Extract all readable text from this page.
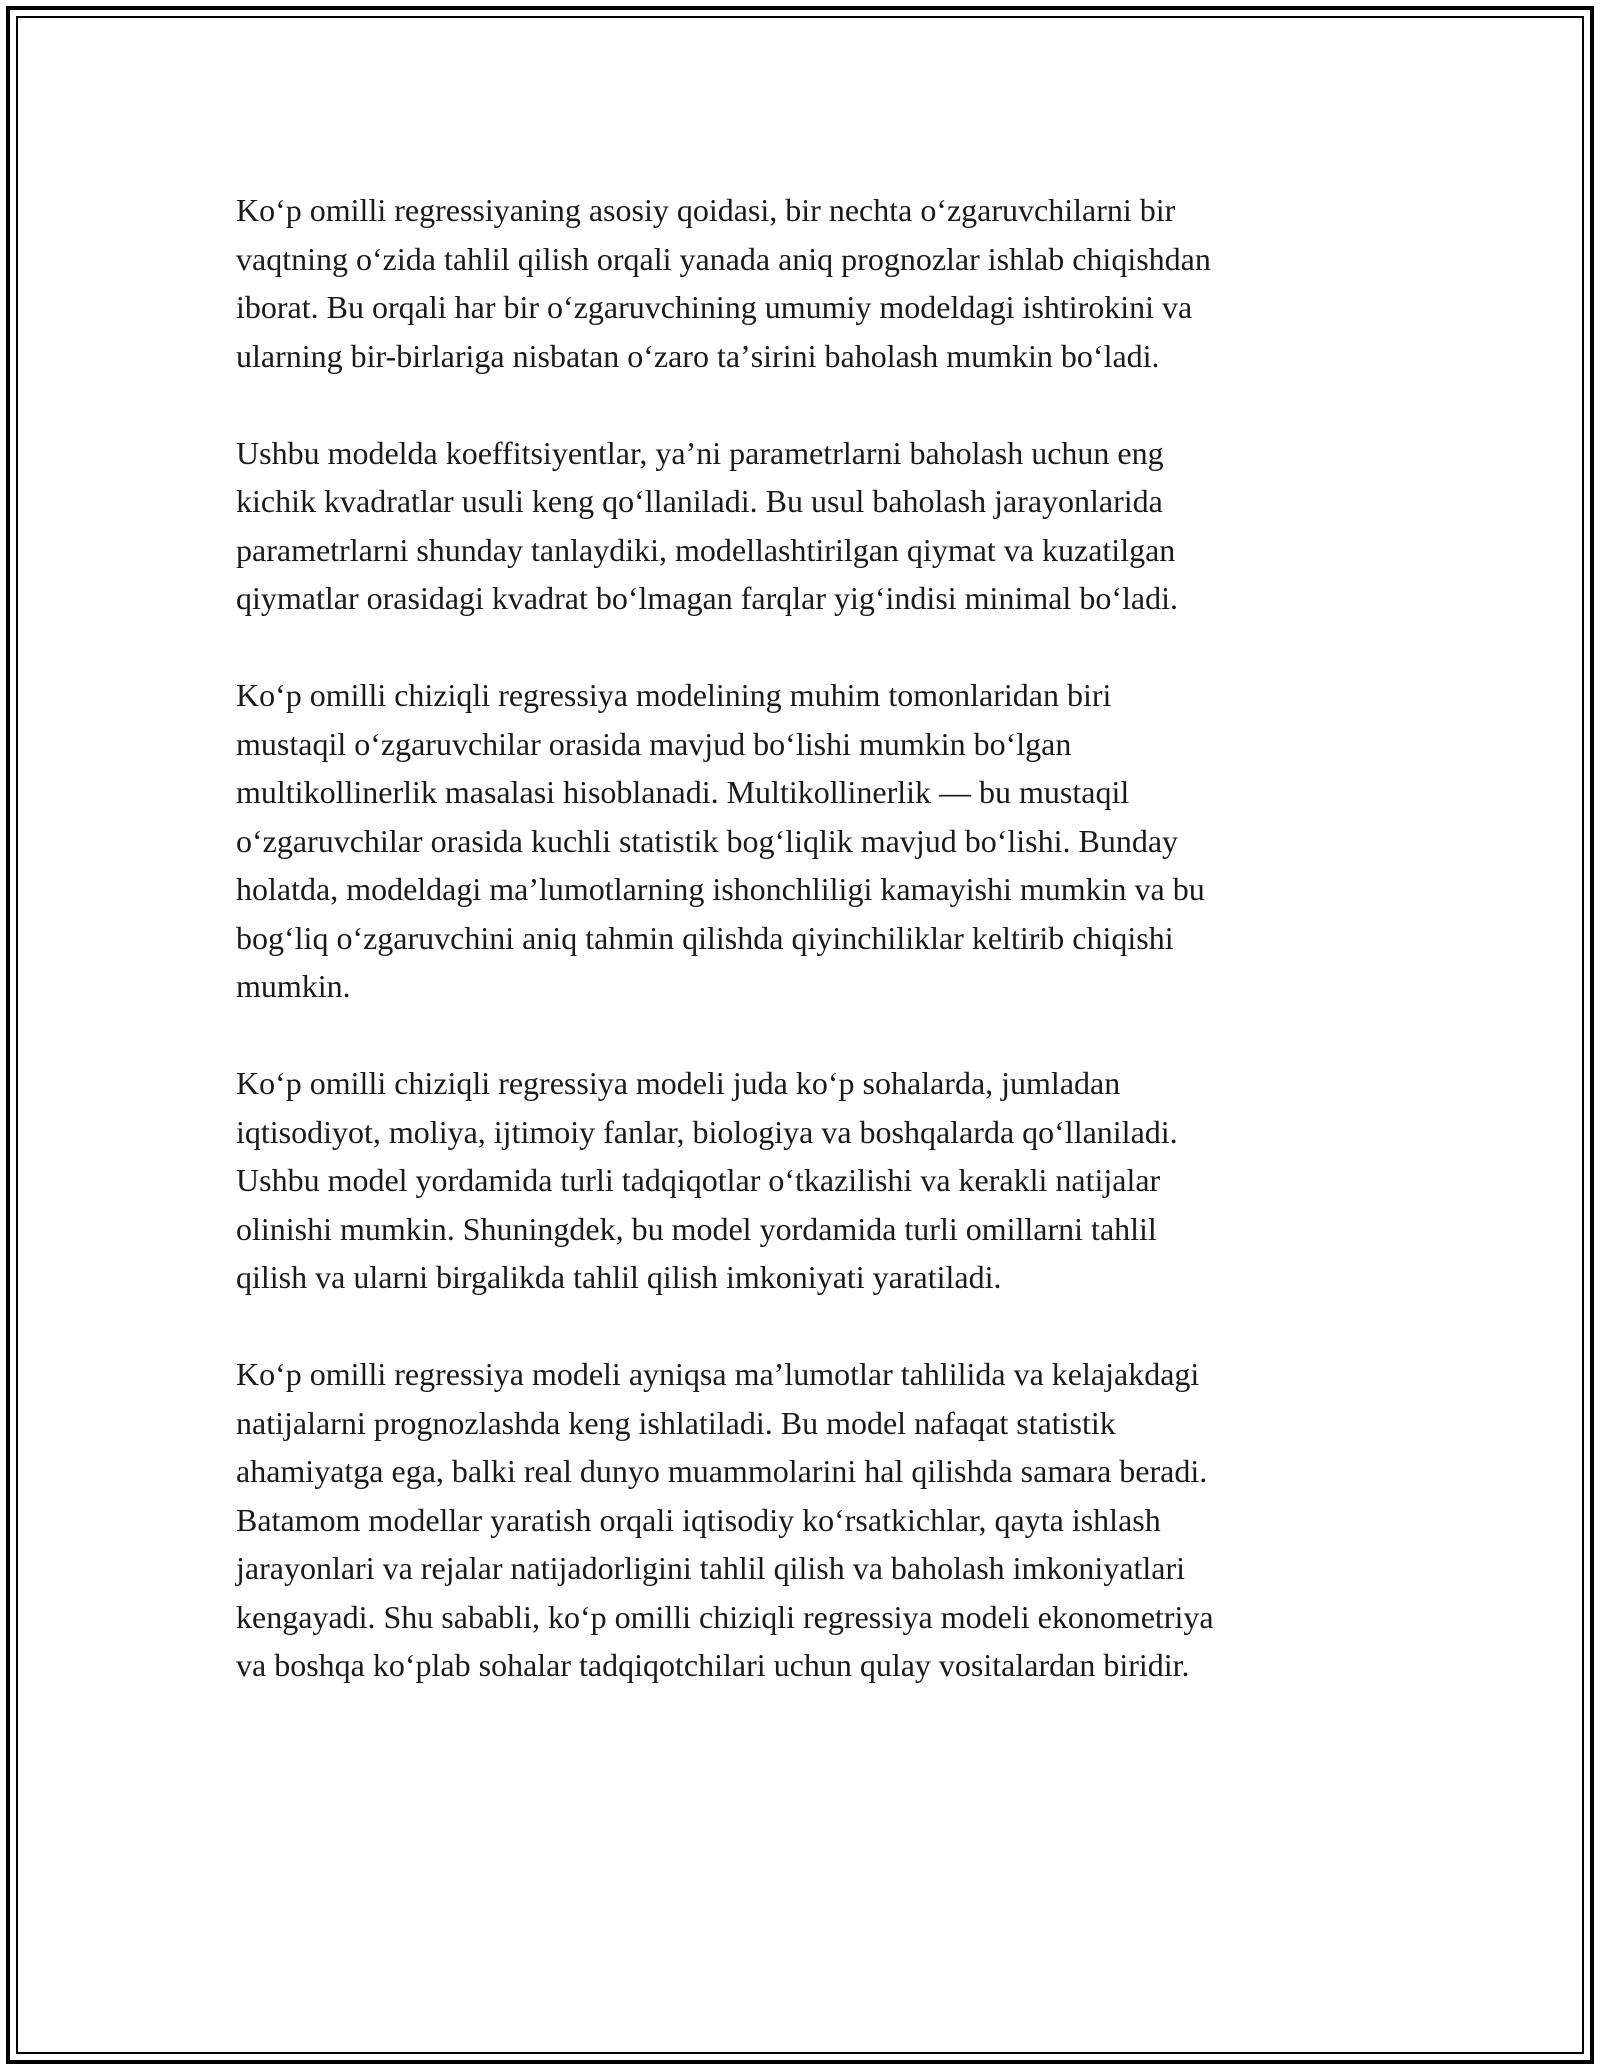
Koʻp omilli regressiyaning asosiy qoidasi, bir nechta oʻzgaruvchilarni bir
vaqtning oʻzida tahlil qilish orqali yanada aniq prognozlar ishlab chiqishdan
iborat. Bu orqali har bir oʻzgaruvchining umumiy modeldagi ishtirokini va
ularning bir-birlariga nisbatan oʻzaro taʼsirini baholash mumkin boʻladi.

Ushbu modelda koeffitsiyentlar, yaʼni parametrlarni baholash uchun eng
kichik kvadratlar usuli keng qoʻllaniladi. Bu usul baholash jarayonlarida
parametrlarni shunday tanlaydiki, modellashtirilgan qiymat va kuzatilgan
qiymatlar orasidagi kvadrat boʻlmagan farqlar yigʻindisi minimal boʻladi.

Koʻp omilli chiziqli regressiya modelining muhim tomonlaridan biri
mustaqil oʻzgaruvchilar orasida mavjud boʻlishi mumkin boʻlgan
multikollinerlik masalasi hisoblanadi. Multikollinerlik — bu mustaqil
oʻzgaruvchilar orasida kuchli statistik bogʻliqlik mavjud boʻlishi. Bunday
holatda, modeldagi maʼlumotlarning ishonchliligi kamayishi mumkin va bu
bogʻliq oʻzgaruvchini aniq tahmin qilishda qiyinchiliklar keltirib chiqishi
mumkin.

Koʻp omilli chiziqli regressiya modeli juda koʻp sohalarda, jumladan
iqtisodiyot, moliya, ijtimoiy fanlar, biologiya va boshqalarda qoʻllaniladi.
Ushbu model yordamida turli tadqiqotlar oʻtkazilishi va kerakli natijalar
olinishi mumkin. Shuningdek, bu model yordamida turli omillarni tahlil
qilish va ularni birgalikda tahlil qilish imkoniyati yaratiladi.

Koʻp omilli regressiya modeli ayniqsa maʼlumotlar tahlilida va kelajakdagi
natijalarni prognozlashda keng ishlatiladi. Bu model nafaqat statistik
ahamiyatga ega, balki real dunyo muammolarini hal qilishda samara beradi.
Batamom modellar yaratish orqali iqtisodiy koʻrsatkichlar, qayta ishlash
jarayonlari va rejalar natijadorligini tahlil qilish va baholash imkoniyatlari
kengayadi. Shu sababli, koʻp omilli chiziqli regressiya modeli ekonometriya
va boshqa koʻplab sohalar tadqiqotchilari uchun qulay vositalardan biridir.
